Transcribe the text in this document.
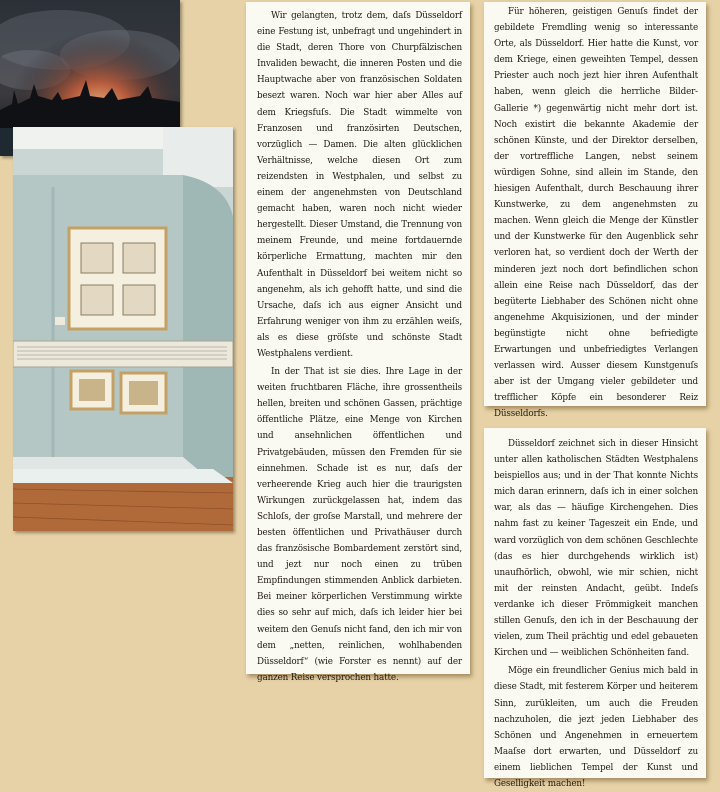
Wir gelangten, trotz dem, daſs Düsseldorf eine Festung ist, unbefragt und ungehindert in die Stadt, deren Thore von Churpfälzischen Invaliden bewacht, die inneren Posten und die Hauptwache aber von französischen Soldaten besezt waren. Noch war hier aber Alles auf dem Kriegsfuſs. Die Stadt wimmelte von Franzosen und französirten Deutschen, vorzüglich — Damen. Die alten glücklichen Verhältnisse, welche diesen Ort zum reizendsten in Westphalen, und selbst zu einem der angenehmsten von Deutschland gemacht haben, waren noch nicht wieder hergestellt. Dieser Umstand, die Trennung von meinem Freunde, und meine fortdauernde körperliche Ermattung, machten mir den Aufenthalt in Düsseldorf bei weitem nicht so angenehm, als ich gehofft hatte, und sind die Ursache, daſs ich aus eigner Ansicht und Erfahrung weniger von ihm zu erzählen weiſs, als es diese gröſste und schönste Stadt Westphalens verdient.

In der That ist sie dies. Ihre Lage in der weiten fruchtbaren Fläche, ihre grossentheils hellen, breiten und schönen Gassen, prächtige öffentliche Plätze, eine Menge von Kirchen und ansehnlichen öffentlichen und Privatgebäuden, müssen den Fremden für sie einnehmen. Schade ist es nur, daſs der verheerende Krieg auch hier die traurigsten Wirkungen zurückgelassen hat, indem das Schloſs, der groſse Marstall, und mehrere der besten öffentlichen und Privathäuser durch das französische Bombardement zerstört sind, und jezt nur noch einen zu trüben Empfindungen stimmenden Anblick darbieten. Bei meiner körperlichen Verstimmung wirkte dies so sehr auf mich, daſs ich leider hier bei weitem den Genuſs nicht fand, den ich mir von dem „netten, reinlichen, wohlhabenden Düsseldorf“ (wie Forster es nennt) auf der ganzen Reise versprochen hatte.

Für höheren, geistigen Genuſs findet der gebildete Fremdling wenig so interessante Orte, als Düsseldorf. Hier hatte die Kunst, vor dem Kriege, einen geweihten Tempel, dessen Priester auch noch jezt hier ihren Aufenthalt haben, wenn gleich die herrliche Bilder-Gallerie *) gegenwärtig nicht mehr dort ist. Noch existirt die bekannte Akademie der schönen Künste, und der Direktor derselben, der vortreffliche Langen, nebst seinem würdigen Sohne, sind allein im Stande, den hiesigen Aufenthalt, durch Beschauung ihrer Kunstwerke, zu dem angenehmsten zu machen. Wenn gleich die Menge der Künstler und der Kunstwerke für den Augenblick sehr verloren hat, so verdient doch der Werth der minderen jezt noch dort befindlichen schon allein eine Reise nach Düsseldorf, das der begüterte Liebhaber des Schönen nicht ohne angenehme Akquisizionen, und der minder begünstigte nicht ohne befriedigte Erwartungen und unbefriedigtes Verlangen verlassen wird. Ausser diesem Kunstgenuſs aber ist der Umgang vieler gebildeter und trefflicher Köpfe ein besonderer Reiz Düsseldorfs.

Düsseldorf zeichnet sich in dieser Hinsicht unter allen katholischen Städten Westphalens beispiellos aus; und in der That konnte Nichts mich daran erinnern, daſs ich in einer solchen war, als das — häufige Kirchengehen. Dies nahm fast zu keiner Tageszeit ein Ende, und ward vorzüglich von dem schönen Geschlechte (das es hier durchgehends wirklich ist) unaufhörlich, obwohl, wie mir schien, nicht mit der reinsten Andacht, geübt. Indeſs verdanke ich dieser Frömmigkeit manchen stillen Genuſs, den ich in der Beschauung der vielen, zum Theil prächtig und edel gebaueten Kirchen und — weiblichen Schönheiten fand.

Möge ein freundlicher Genius mich bald in diese Stadt, mit festerem Körper und heiterem Sinn, zurükleiten, um auch die Freuden nachzuholen, die jezt jeden Liebhaber des Schönen und Angenehmen in erneuertem Maaſse dort erwarten, und Düsseldorf zu einem lieblichen Tempel der Kunst und Geselligkeit machen!
